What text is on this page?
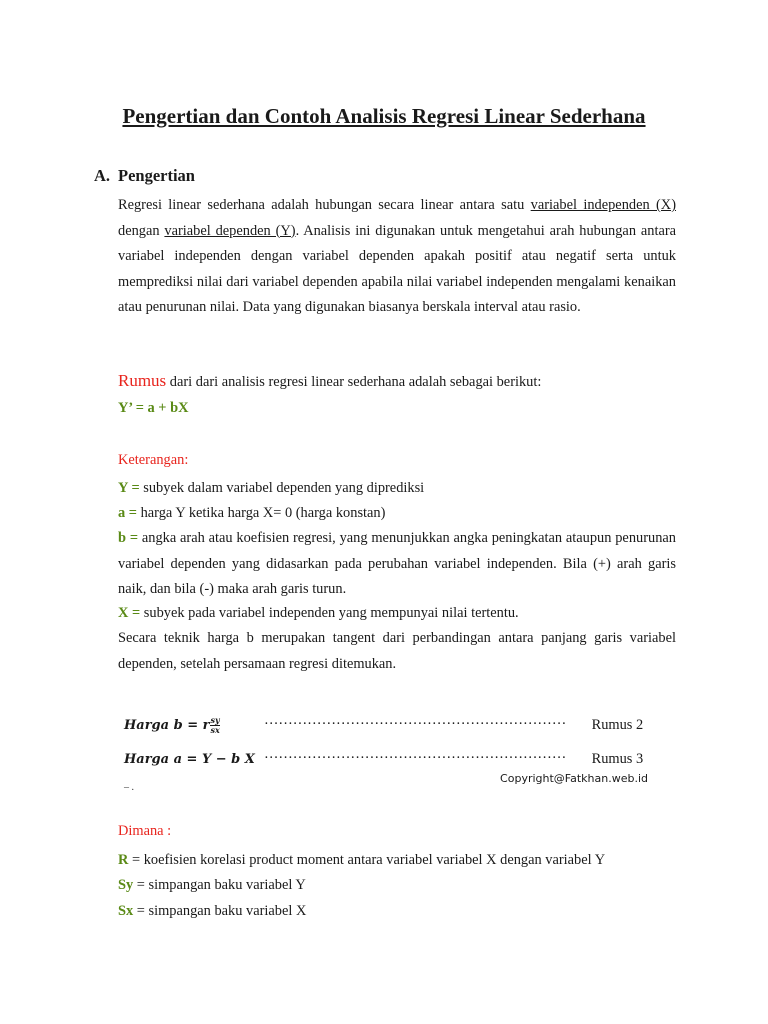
Pengertian dan Contoh Analisis Regresi Linear Sederhana
A. Pengertian
Regresi linear sederhana adalah hubungan secara linear antara satu variabel independen (X) dengan variabel dependen (Y). Analisis ini digunakan untuk mengetahui arah hubungan antara variabel independen dengan variabel dependen apakah positif atau negatif serta untuk memprediksi nilai dari variabel dependen apabila nilai variabel independen mengalami kenaikan atau penurunan nilai. Data yang digunakan biasanya berskala interval atau rasio.
Rumus dari dari analisis regresi linear sederhana adalah sebagai berikut:
Y’ = a + bX
Keterangan:
Y = subyek dalam variabel dependen yang diprediksi
a = harga Y ketika harga X= 0 (harga konstan)
b = angka arah atau koefisien regresi, yang menunjukkan angka peningkatan ataupun penurunan variabel dependen yang didasarkan pada perubahan variabel independen. Bila (+) arah garis naik, dan bila (-) maka arah garis turun.
X = subyek pada variabel independen yang mempunyai nilai tertentu.
Secara teknik harga b merupakan tangent dari perbandingan antara panjang garis variabel dependen, setelah persamaan regresi ditemukan.
Harga b = r $\frac{sy}{sx}$	……………………………………………………… Rumus 2
Harga a = Y − b X ……………………………………………………… Rumus 3
Copyright@Fatkhan.web.id
– .
Dimana :
R = koefisien korelasi product moment antara variabel variabel X dengan variabel Y
Sy = simpangan baku variabel Y
Sx = simpangan baku variabel X
